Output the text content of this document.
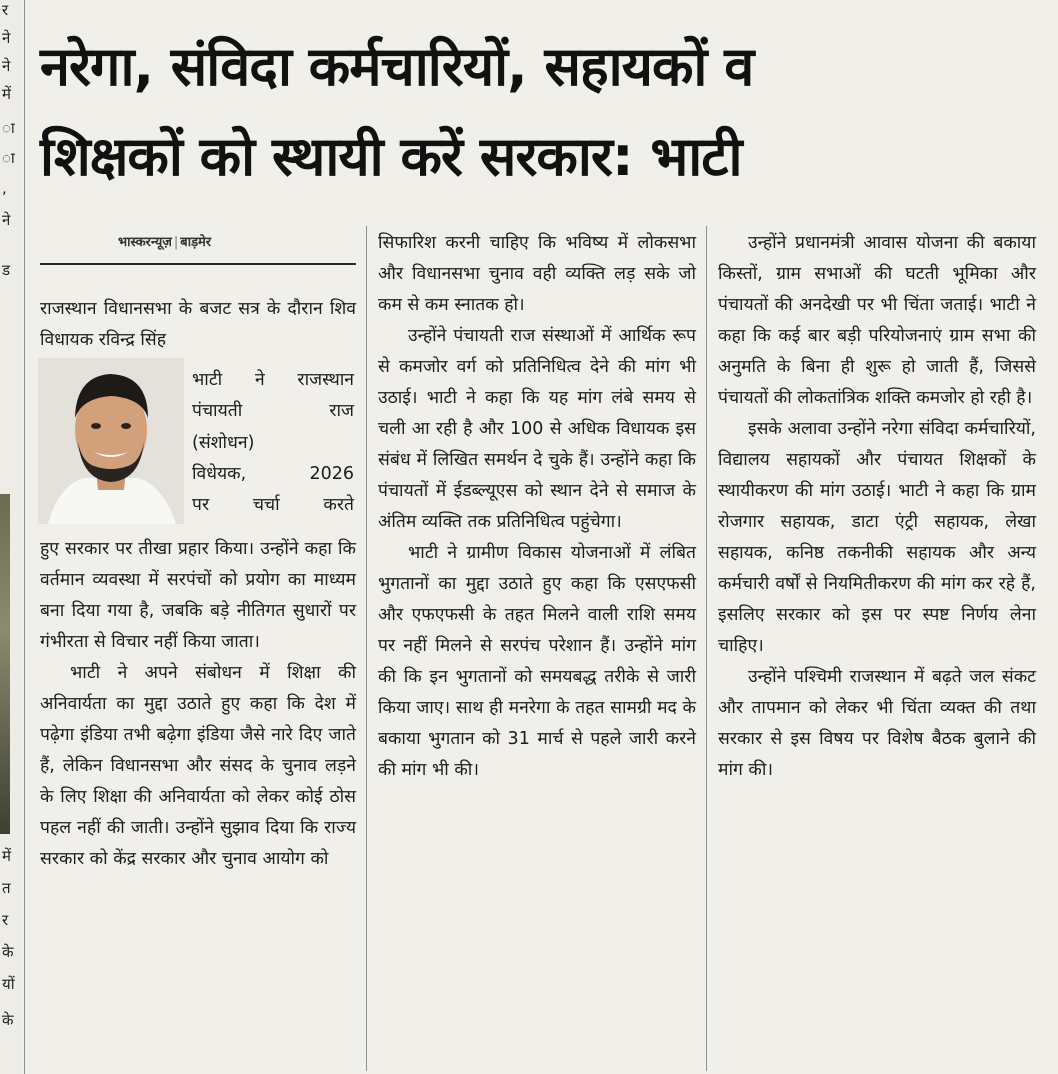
र
ने
ने
में
ा
ा
,
ने
ड
में
त
र
के
यों
के
नरेगा, संविदा कर्मचारियों, सहायकों व
शिक्षकों को स्थायी करें सरकार: भाटी
भास्करन्यूज़ | बाड़मेर

राजस्थान विधानसभा के बजट सत्र के दौरान शिव विधायक रविन्द्र सिंह

भाटी ने राजस्थान
पंचायती राज
(संशोधन)
विधेयक, 2026
पर चर्चा करते

हुए सरकार पर तीखा प्रहार किया। उन्होंने कहा कि वर्तमान व्यवस्था में सरपंचों को प्रयोग का माध्यम बना दिया गया है, जबकि बड़े नीतिगत सुधारों पर गंभीरता से विचार नहीं किया जाता।

भाटी ने अपने संबोधन में शिक्षा की अनिवार्यता का मुद्दा उठाते हुए कहा कि देश में पढ़ेगा इंडिया तभी बढ़ेगा इंडिया जैसे नारे दिए जाते हैं, लेकिन विधानसभा और संसद के चुनाव लड़ने के लिए शिक्षा की अनिवार्यता को लेकर कोई ठोस पहल नहीं की जाती। उन्होंने सुझाव दिया कि राज्य सरकार को केंद्र सरकार और चुनाव आयोग को

सिफारिश करनी चाहिए कि भविष्य में लोकसभा और विधानसभा चुनाव वही व्यक्ति लड़ सके जो कम से कम स्नातक हो।

उन्होंने पंचायती राज संस्थाओं में आर्थिक रूप से कमजोर वर्ग को प्रतिनिधित्व देने की मांग भी उठाई। भाटी ने कहा कि यह मांग लंबे समय से चली आ रही है और 100 से अधिक विधायक इस संबंध में लिखित समर्थन दे चुके हैं। उन्होंने कहा कि पंचायतों में ईडब्ल्यूएस को स्थान देने से समाज के अंतिम व्यक्ति तक प्रतिनिधित्व पहुंचेगा।

भाटी ने ग्रामीण विकास योजनाओं में लंबित भुगतानों का मुद्दा उठाते हुए कहा कि एसएफसी और एफएफसी के तहत मिलने वाली राशि समय पर नहीं मिलने से सरपंच परेशान हैं। उन्होंने मांग की कि इन भुगतानों को समयबद्ध तरीके से जारी किया जाए। साथ ही मनरेगा के तहत सामग्री मद के बकाया भुगतान को 31 मार्च से पहले जारी करने की मांग भी की।

उन्होंने प्रधानमंत्री आवास योजना की बकाया किस्तों, ग्राम सभाओं की घटती भूमिका और पंचायतों की अनदेखी पर भी चिंता जताई। भाटी ने कहा कि कई बार बड़ी परियोजनाएं ग्राम सभा की अनुमति के बिना ही शुरू हो जाती हैं, जिससे पंचायतों की लोकतांत्रिक शक्ति कमजोर हो रही है।

इसके अलावा उन्होंने नरेगा संविदा कर्मचारियों, विद्यालय सहायकों और पंचायत शिक्षकों के स्थायीकरण की मांग उठाई। भाटी ने कहा कि ग्राम रोजगार सहायक, डाटा एंट्री सहायक, लेखा सहायक, कनिष्ठ तकनीकी सहायक और अन्य कर्मचारी वर्षों से नियमितीकरण की मांग कर रहे हैं, इसलिए सरकार को इस पर स्पष्ट निर्णय लेना चाहिए।

उन्होंने पश्चिमी राजस्थान में बढ़ते जल संकट और तापमान को लेकर भी चिंता व्यक्त की तथा सरकार से इस विषय पर विशेष बैठक बुलाने की मांग की।
